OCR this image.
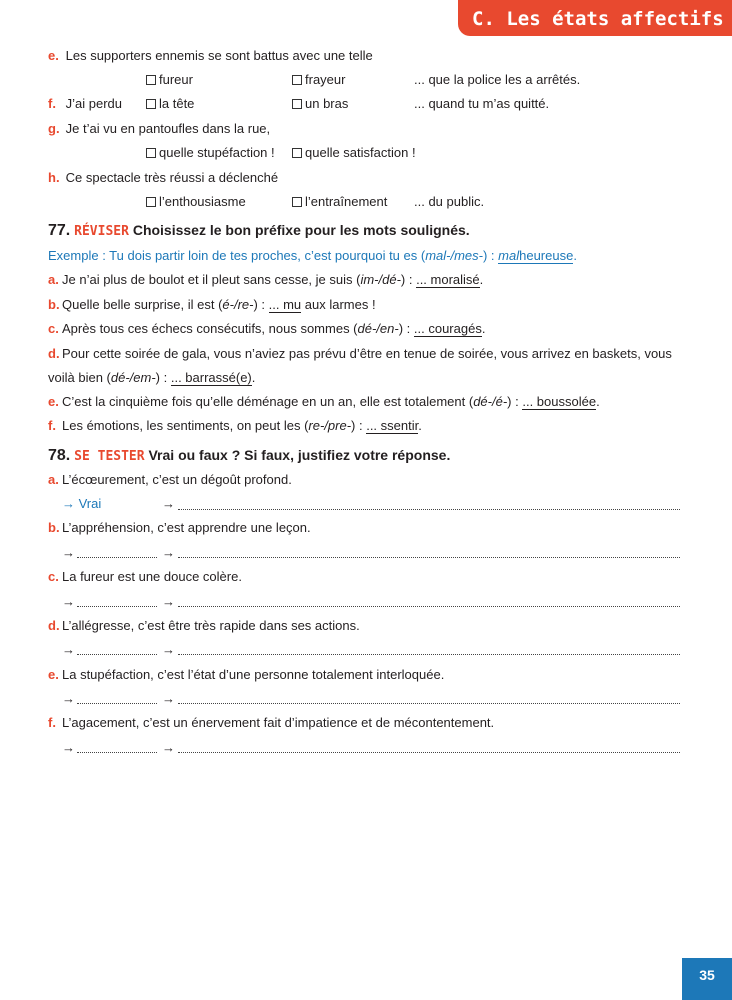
C. Les états affectifs
e. Les supporters ennemis se sont battus avec une telle
fureur	frayeur	... que la police les a arrêtés.
f. J’ai perdu	la tête	un bras	... quand tu m’as quitté.
g. Je t’ai vu en pantoufles dans la rue,
quelle stupéfaction !	quelle satisfaction !
h. Ce spectacle très réussi a déclenché
l’enthousiasme	l’entraînement ... du public.
77. RÉVISER Choisissez le bon préfixe pour les mots soulignés.
Exemple : Tu dois partir loin de tes proches, c’est pourquoi tu es (mal-/mes-) : malheureuse.
a. Je n’ai plus de boulot et il pleut sans cesse, je suis (im-/dé-) : ... moralisé.
b. Quelle belle surprise, il est (é-/re-) : ... mu aux larmes !
c. Après tous ces échecs consécutifs, nous sommes (dé-/en-) : ... couragés.
d. Pour cette soirée de gala, vous n’aviez pas prévu d’être en tenue de soirée, vous arrivez en baskets, vous
voilà bien (dé-/em-) : ... barrassé(e).
e. C’est la cinquième fois qu’elle déménage en un an, elle est totalement (dé-/é-) : ... boussolée.
f. Les émotions, les sentiments, on peut les (re-/pre-) : ... ssentir.
78. SE TESTER Vrai ou faux ? Si faux, justifiez votre réponse.
a. L’écœurement, c’est un dégoût profond.
→ Vrai	→
b. L’appréhension, c’est apprendre une leçon.
→	→
c. La fureur est une douce colère.
→	→
d. L’allégresse, c’est être très rapide dans ses actions.
→	→
e. La stupéfaction, c’est l’état d’une personne totalement interloquée.
→	→
f. L’agacement, c’est un énervement fait d’impatience et de mécontentement.
→	→
35
